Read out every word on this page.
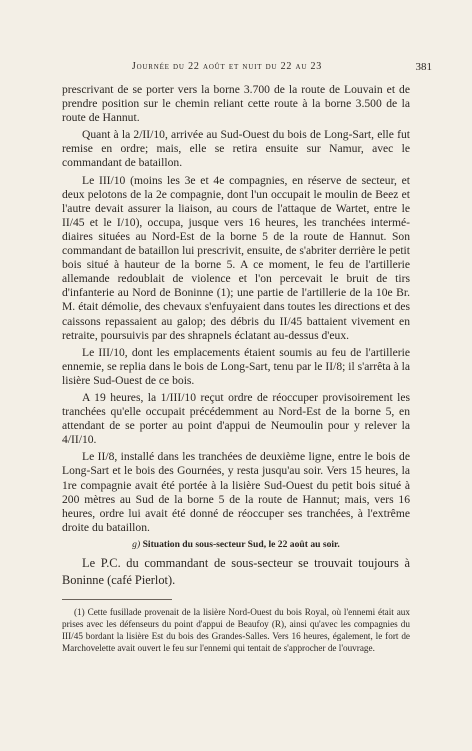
Journée du 22 août et nuit du 22 au 23	381

prescrivant de se porter vers la borne 3.700 de la route de Louvain et de prendre position sur le chemin reliant cette route à la borne 3.500 de la route de Hannut.

Quant à la 2/II/10, arrivée au Sud-Ouest du bois de Long-Sart, elle fut remise en ordre; mais, elle se retira ensuite sur Namur, avec le commandant de bataillon.

Le III/10 (moins les 3e et 4e compagnies, en réserve de secteur, et deux pelotons de la 2e compagnie, dont l'un occupait le moulin de Beez et l'autre devait assurer la liaison, au cours de l'attaque de Wartet, entre le II/45 et le I/10), occupa, jusque vers 16 heures, les tranchées intermédiaires situées au Nord-Est de la borne 5 de la route de Hannut. Son commandant de bataillon lui prescrivit, ensuite, de s'abriter derrière le petit bois situé à hauteur de la borne 5. A ce moment, le feu de l'artillerie allemande redoublait de violence et l'on percevait le bruit de tirs d'infanterie au Nord de Boninne (1); une partie de l'artillerie de la 10e Br. M. était démolie, des chevaux s'enfuyaient dans toutes les directions et des caissons repassaient au galop; des débris du II/45 battaient vivement en retraite, poursuivis par des shrapnels éclatant au-dessus d'eux.

Le III/10, dont les emplacements étaient soumis au feu de l'artillerie ennemie, se replia dans le bois de Long-Sart, tenu par le II/8; il s'arrêta à la lisière Sud-Ouest de ce bois.

A 19 heures, la 1/III/10 reçut ordre de réoccuper provisoirement les tranchées qu'elle occupait précédemment au Nord-Est de la borne 5, en attendant de se porter au point d'appui de Neumoulin pour y relever la 4/II/10.

Le II/8, installé dans les tranchées de deuxième ligne, entre le bois de Long-Sart et le bois des Gournées, y resta jusqu'au soir. Vers 15 heures, la 1re compagnie avait été portée à la lisière Sud-Ouest du petit bois situé à 200 mètres au Sud de la borne 5 de la route de Hannut; mais, vers 16 heures, ordre lui avait été donné de réoccuper ses tranchées, à l'extrême droite du bataillon.

g) Situation du sous-secteur Sud, le 22 août au soir.

Le P.C. du commandant de sous-secteur se trouvait toujours à Boninne (café Pierlot).

(1) Cette fusillade provenait de la lisière Nord-Ouest du bois Royal, où l'ennemi était aux prises avec les défenseurs du point d'appui de Beaufoy (R), ainsi qu'avec les compagnies du III/45 bordant la lisière Est du bois des Grandes-Salles. Vers 16 heures, également, le fort de Marchovelette avait ouvert le feu sur l'ennemi qui tentait de s'approcher de l'ouvrage.
